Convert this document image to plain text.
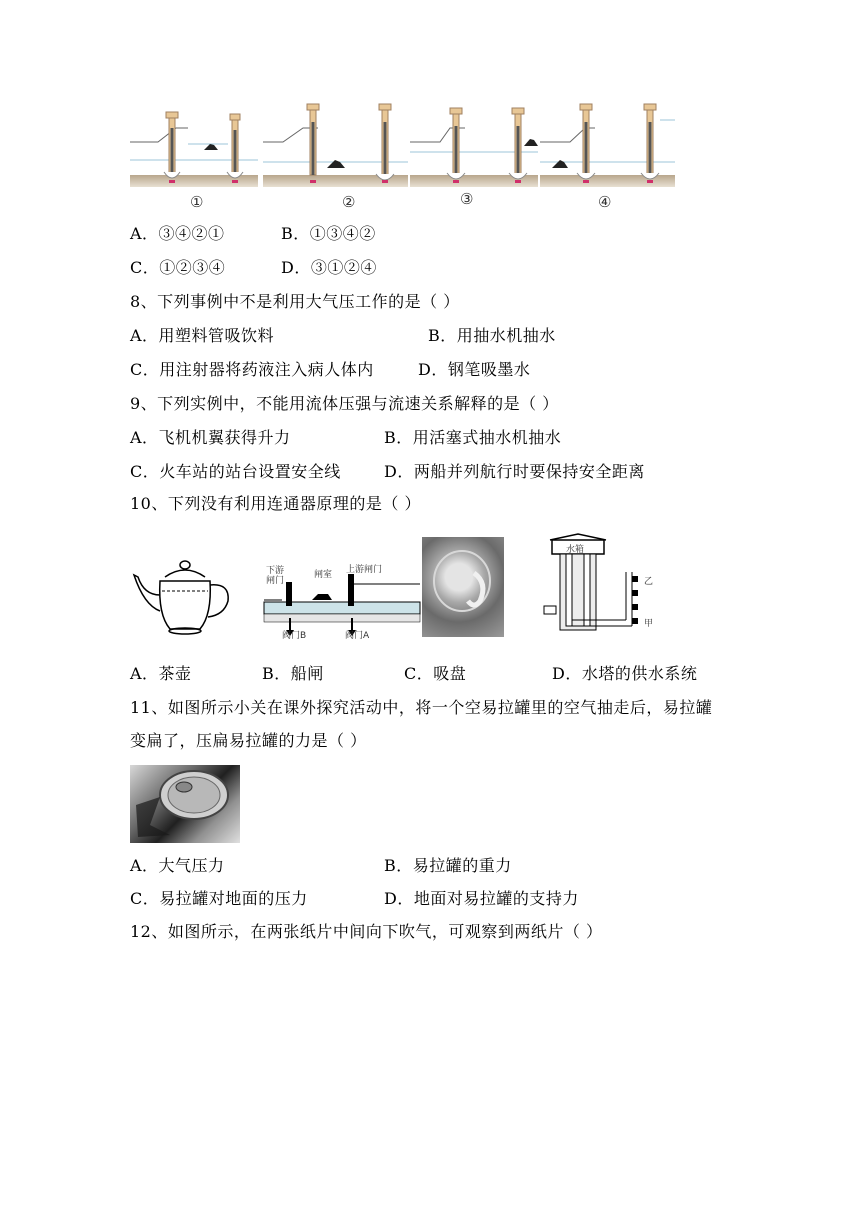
①	②	③	④
A．③④②①	B．①③④②
C．①②③④	D．③①②④
8、下列事例中不是利用大气压工作的是（ ）
A．用塑料管吸饮料	B．用抽水机抽水
C．用注射器将药液注入病人体内	D．钢笔吸墨水
9、下列实例中，不能用流体压强与流速关系解释的是（ ）
A．飞机机翼获得升力	B．用活塞式抽水机抽水
C．火车站的站台设置安全线	D．两船并列航行时要保持安全距离
10、下列没有利用连通器原理的是（ ）
下游
闸门
闸室 上游闸门
阀门B	阀门A
水箱
乙
甲
A．茶壶	B．船闸	C．吸盘	D．水塔的供水系统
11、如图所示小关在课外探究活动中，将一个空易拉罐里的空气抽走后，易拉罐
变扁了，压扁易拉罐的力是（ ）
A．大气压力	B．易拉罐的重力
C．易拉罐对地面的压力	D．地面对易拉罐的支持力
12、如图所示，在两张纸片中间向下吹气，可观察到两纸片（ ）
